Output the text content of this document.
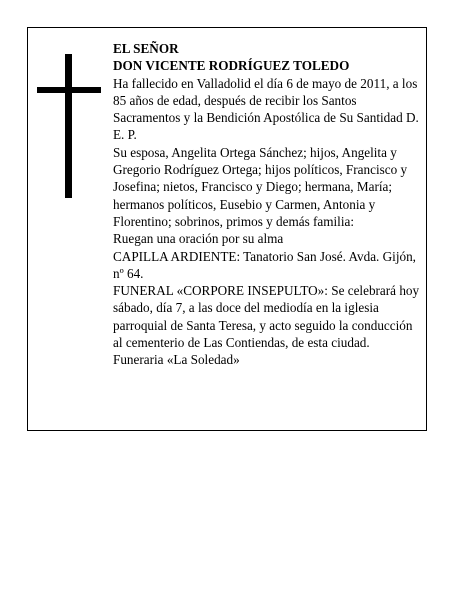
EL SEÑOR

DON VICENTE RODRÍGUEZ TOLEDO

Ha fallecido en Valladolid el día 6 de mayo de 2011, a los 85 años de edad, después de recibir los Santos Sacramentos y la Bendición Apostólica de Su Santidad D. E. P.

Su esposa, Angelita Ortega Sánchez; hijos, Angelita y Gregorio Rodríguez Ortega; hijos políticos, Francisco y Josefina; nietos, Francisco y Diego; hermana, María; hermanos políticos, Eusebio y Carmen, Antonia y Florentino; sobrinos, primos y demás familia:

Ruegan una oración por su alma

CAPILLA ARDIENTE: Tanatorio San José. Avda. Gijón, nº 64.

FUNERAL «CORPORE INSEPULTO»: Se celebrará hoy sábado, día 7, a las doce del mediodía en la iglesia parroquial de Santa Teresa, y acto seguido la conducción al cementerio de Las Contiendas, de esta ciudad.

Funeraria «La Soledad»
